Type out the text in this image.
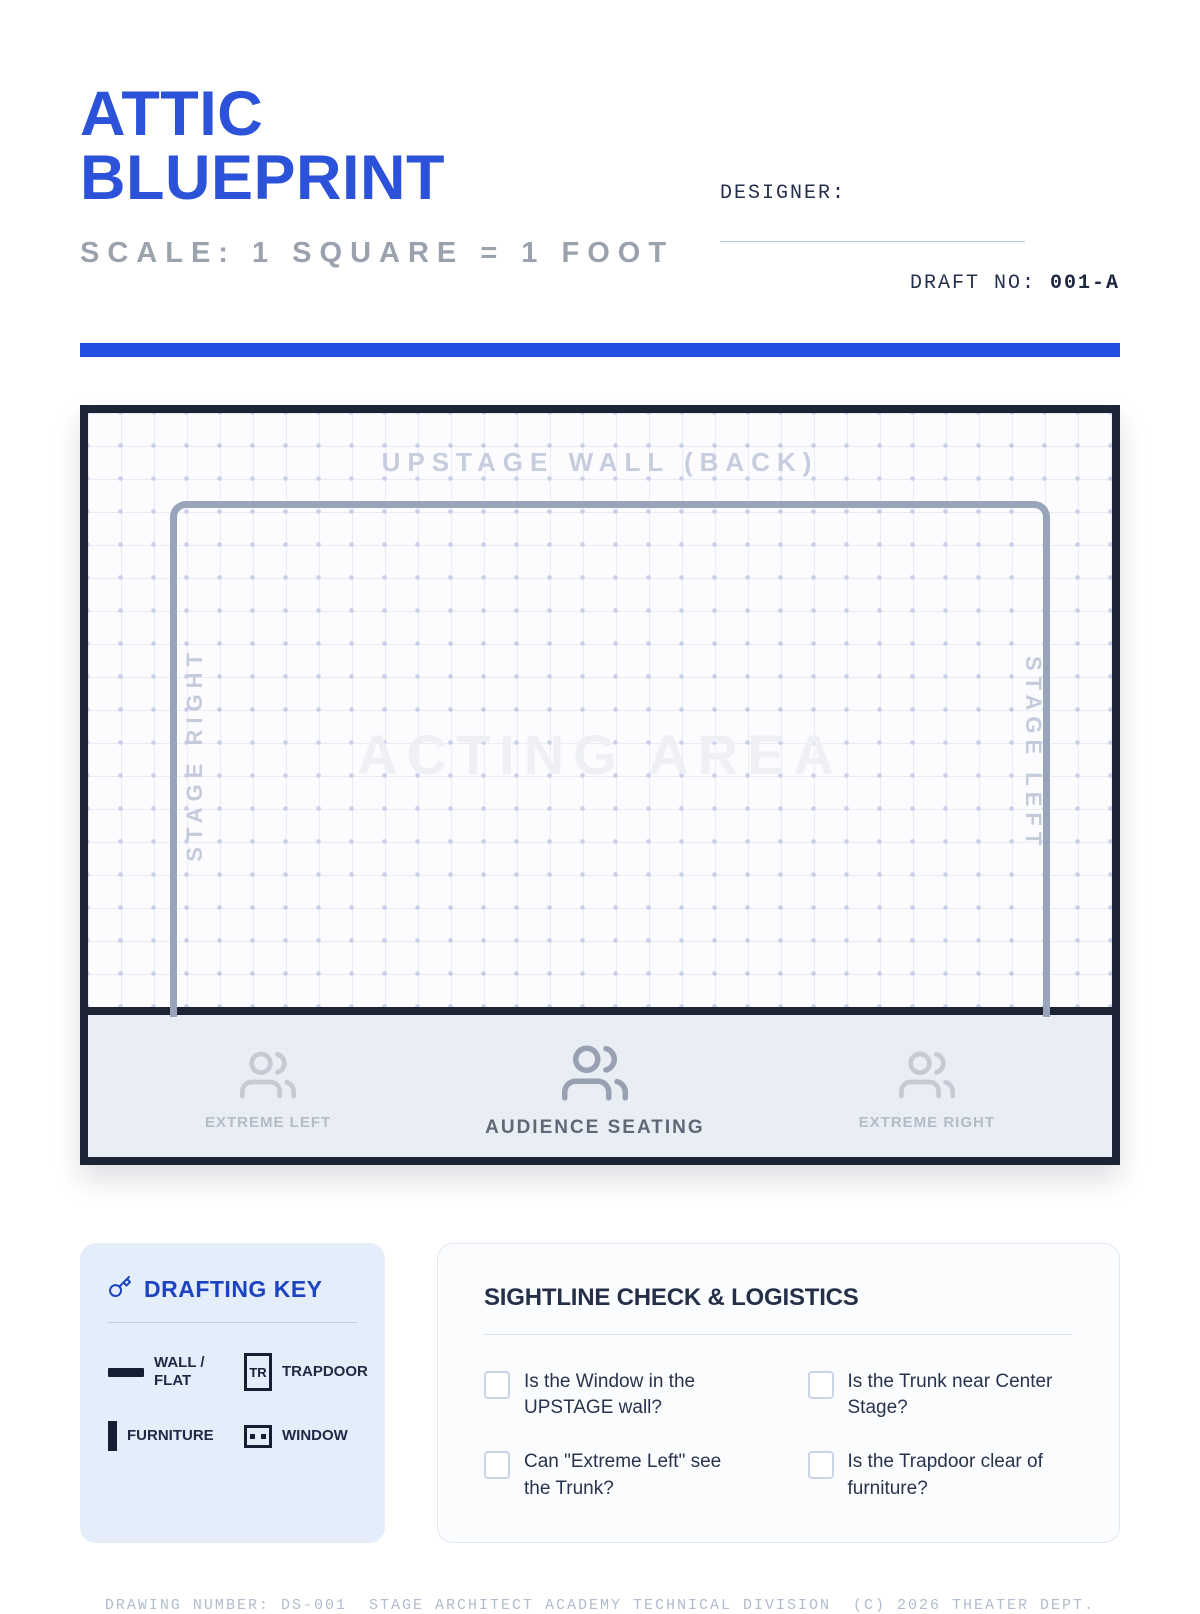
ATTIC
BLUEPRINT
SCALE: 1 SQUARE = 1 FOOT
DESIGNER:
DRAFT NO: 001-A
UPSTAGE WALL (BACK)
STAGE RIGHT	STAGE LEFT
ACTING AREA
EXTREME LEFT	AUDIENCE SEATING	EXTREME RIGHT
DRAFTING KEY
WALL / FLAT	TR	TRAPDOOR
FURNITURE	WINDOW
SIGHTLINE CHECK & LOGISTICS
Is the Window in the UPSTAGE wall?
Is the Trunk near Center Stage?
Can "Extreme Left" see the Trunk?
Is the Trapdoor clear of furniture?
DRAWING NUMBER: DS-001  STAGE ARCHITECT ACADEMY TECHNICAL DIVISION  (C) 2026 THEATER DEPT.
